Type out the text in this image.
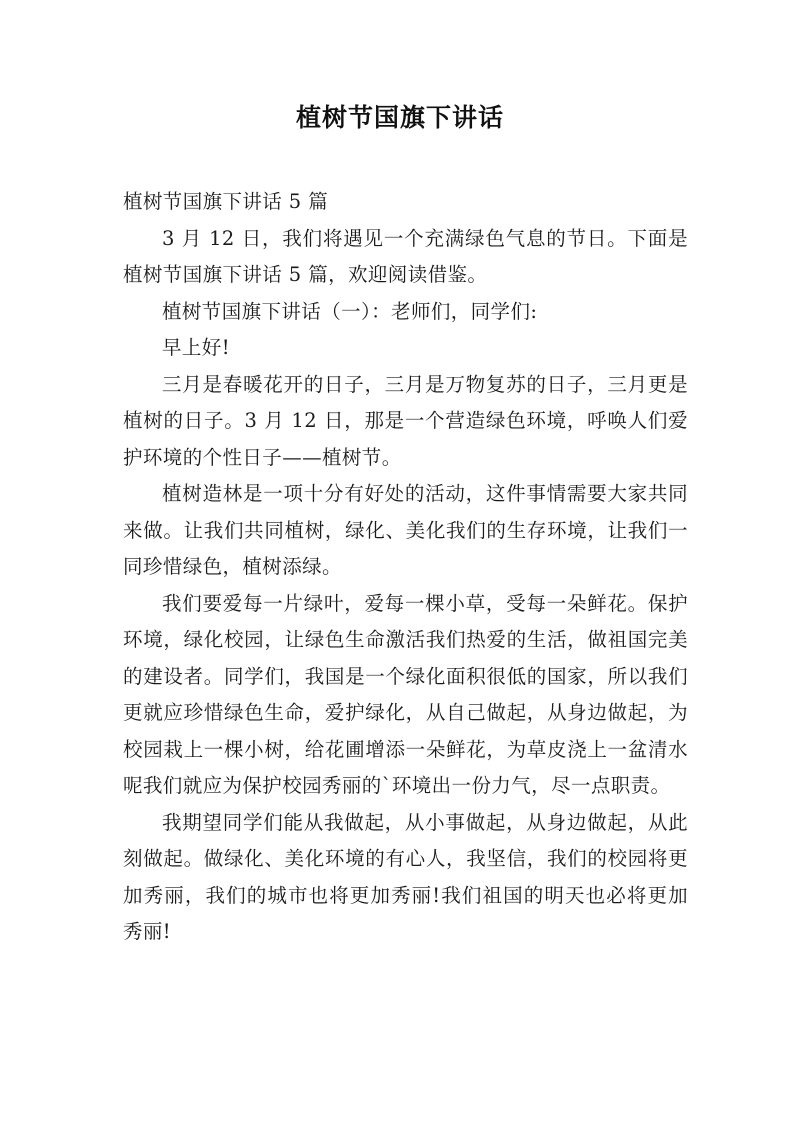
植树节国旗下讲话

植树节国旗下讲话 5 篇

3 月 12 日，我们将遇见一个充满绿色气息的节日。下面是植树节国旗下讲话 5 篇，欢迎阅读借鉴。

植树节国旗下讲话（一）：老师们，同学们:

早上好!

三月是春暖花开的日子，三月是万物复苏的日子，三月更是植树的日子。3 月 12 日，那是一个营造绿色环境，呼唤人们爱护环境的个性日子——植树节。

植树造林是一项十分有好处的活动，这件事情需要大家共同来做。让我们共同植树，绿化、美化我们的生存环境，让我们一同珍惜绿色，植树添绿。

我们要爱每一片绿叶，爱每一棵小草，受每一朵鲜花。保护环境，绿化校园，让绿色生命激活我们热爱的生活，做祖国完美的建设者。同学们，我国是一个绿化面积很低的国家，所以我们更就应珍惜绿色生命，爱护绿化，从自己做起，从身边做起，为校园栽上一棵小树，给花圃增添一朵鲜花，为草皮浇上一盆清水呢我们就应为保护校园秀丽的`环境出一份力气，尽一点职责。

我期望同学们能从我做起，从小事做起，从身边做起，从此刻做起。做绿化、美化环境的有心人，我坚信，我们的校园将更加秀丽，我们的城市也将更加秀丽!我们祖国的明天也必将更加秀丽!
